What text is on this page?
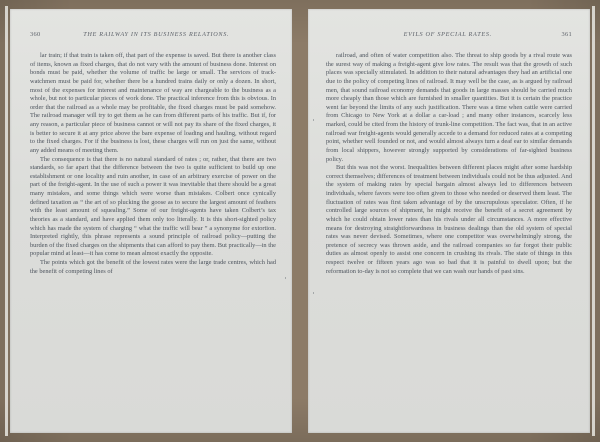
360	THE RAILWAY IN ITS BUSINESS RELATIONS.

lar train; if that train is taken off, that part of the expense is saved. But there is another class of items, known as fixed charges, that do not vary with the amount of business done. Interest on bonds must be paid, whether the volume of traffic be large or small. The services of track-watchmen must be paid for, whether there be a hundred trains daily or only a dozen. In short, most of the expenses for interest and maintenance of way are chargeable to the business as a whole, but not to particular pieces of work done. The practical inference from this is obvious. In order that the railroad as a whole may be profitable, the fixed charges must be paid somehow. The railroad manager will try to get them as he can from different parts of his traffic. But if, for any reason, a particular piece of business cannot or will not pay its share of the fixed charges, it is better to secure it at any price above the bare expense of loading and hauling, without regard to the fixed charges. For if the business is lost, these charges will run on just the same, without any added means of meeting them.

The consequence is that there is no natural standard of rates ; or, rather, that there are two standards, so far apart that the difference between the two is quite sufficient to build up one establishment or one locality and ruin another, in case of an arbitrary exercise of power on the part of the freight-agent. In the use of such a power it was inevitable that there should be a great many mistakes, and some things which were worse than mistakes. Colbert once cynically defined taxation as “ the art of so plucking the goose as to secure the largest amount of feathers with the least amount of squealing.” Some of our freight-agents have taken Colbert’s tax theories as a standard, and have applied them only too literally. It is this short-sighted policy which has made the system of charging “ what the traffic will bear ” a synonyme for extortion. Interpreted rightly, this phrase represents a sound principle of railroad policy—putting the burden of the fixed charges on the shipments that can afford to pay them. But practically—in the popular mind at least—it has come to mean almost exactly the opposite.

The points which got the benefit of the lowest rates were the large trade centres, which had the benefit of competing lines of

EVILS OF SPECIAL RATES.	361

railroad, and often of water competition also. The threat to ship goods by a rival route was the surest way of making a freight-agent give low rates. The result was that the growth of such places was specially stimulated. In addition to their natural advantages they had an artificial one due to the policy of competing lines of railroad. It may well be the case, as is argued by railroad men, that sound railroad economy demands that goods in large masses should be carried much more cheaply than those which are furnished in smaller quantities. But it is certain the practice went far beyond the limits of any such justification. There was a time when cattle were carried from Chicago to New York at a dollar a car-load ; and many other instances, scarcely less marked, could be cited from the history of trunk-line competition. The fact was, that in an active railroad war freight-agents would generally accede to a demand for reduced rates at a competing point, whether well founded or not, and would almost always turn a deaf ear to similar demands from local shippers, however strongly supported by considerations of far-sighted business policy.

But this was not the worst. Inequalities between different places might after some hardship correct themselves; differences of treatment between individuals could not be thus adjusted. And the system of making rates by special bargain almost always led to differences between individuals, where favors were too often given to those who needed or deserved them least. The fluctuation of rates was first taken advantage of by the unscrupulous speculator. Often, if he controlled large sources of shipment, he might receive the benefit of a secret agreement by which he could obtain lower rates than his rivals under all circumstances. A more effective means for destroying straightforwardness in business dealings than the old system of special rates was never devised. Sometimes, where one competitor was overwhelmingly strong, the pretence of secrecy was thrown aside, and the railroad companies so far forgot their public duties as almost openly to assist one concern in crushing its rivals. The state of things in this respect twelve or fifteen years ago was so bad that it is painful to dwell upon; but the reformation to-day is not so complete that we can wash our hands of past sins.
